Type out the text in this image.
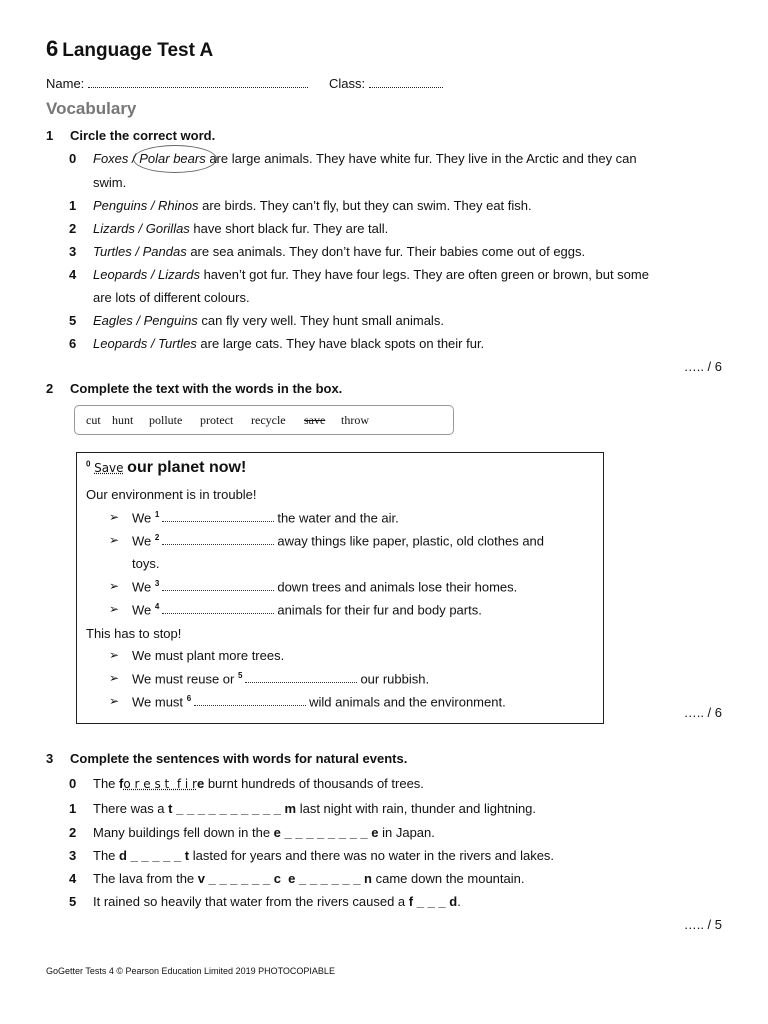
6 Language Test A
Name:	Class:
Vocabulary
1 Circle the correct word.
0 Foxes / Polar bears are large animals. They have white fur. They live in the Arctic and they can
swim.
1 Penguins / Rhinos are birds. They can’t fly, but they can swim. They eat fish.
2 Lizards / Gorillas have short black fur. They are tall.
3 Turtles / Pandas are sea animals. They don’t have fur. Their babies come out of eggs.
4 Leopards / Lizards haven’t got fur. They have four legs. They are often green or brown, but some
are lots of different colours.
5 Eagles / Penguins can fly very well. They hunt small animals.
6 Leopards / Turtles are large cats. They have black spots on their fur.
….. / 6
2 Complete the text with the words in the box.
cut hunt pollute protect recycle save throw
$^0$ Save our planet now!
Our environment is in trouble!
➢ We $^1$	the water and the air.
➢ We $^2$	away things like paper, plastic, old clothes and
toys.
➢ We $^3$	down trees and animals lose their homes.
➢ We $^4$	animals for their fur and body parts.
This has to stop!
➢ We must plant more trees.
➢ We must reuse or $^5$	our rubbish.
➢ We must $^6$	wild animals and the environment.
….. / 6
3 Complete the sentences with words for natural events.
0 The fo r e s t  f i re burnt hundreds of thousands of trees.
1 There was a t _ _ _ _ _ _ _ _ _ _ m last night with rain, thunder and lightning.
2 Many buildings fell down in the e _ _ _ _ _ _ _ _ e in Japan.
3 The d _ _ _ _ _ t lasted for years and there was no water in the rivers and lakes.
4 The lava from the v _ _ _ _ _ _ c  e _ _ _ _ _ _ n came down the mountain.
5 It rained so heavily that water from the rivers caused a f _ _ _ d.
….. / 5
GoGetter Tests 4 © Pearson Education Limited 2019 PHOTOCOPIABLE
